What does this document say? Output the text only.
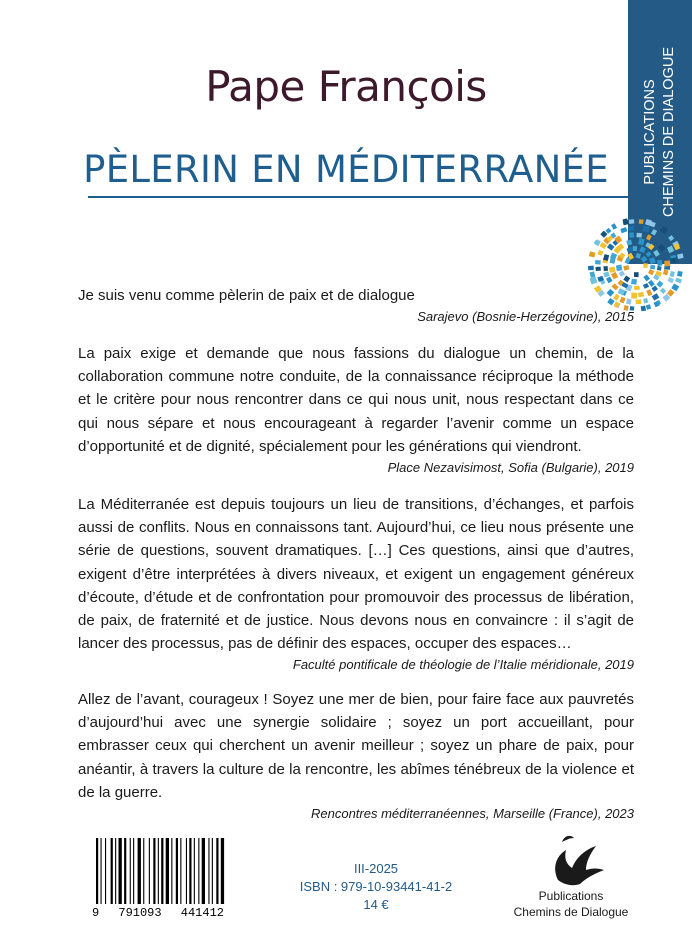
PUBLICATIONS CHEMINS DE DIALOGUE
Pape François
PÈLERIN EN MÉDITERRANÉE

Je suis venu comme pèlerin de paix et de dialogue

Sarajevo (Bosnie-Herzégovine), 2015

La paix exige et demande que nous fassions du dialogue un chemin, de la collaboration commune notre conduite, de la connaissance réciproque la méthode et le critère pour nous rencontrer dans ce qui nous unit, nous respectant dans ce qui nous sépare et nous encourageant à regarder l’avenir comme un espace d’opportunité et de dignité, spécialement pour les générations qui viendront.

Place Nezavisimost, Sofia (Bulgarie), 2019

La Méditerranée est depuis toujours un lieu de transitions, d’échanges, et parfois aussi de conflits. Nous en connaissons tant. Aujourd’hui, ce lieu nous présente une série de questions, souvent dramatiques. […] Ces questions, ainsi que d’autres, exigent d’être interprétées à divers niveaux, et exigent un engagement généreux d’écoute, d’étude et de confrontation pour promouvoir des processus de libération, de paix, de fraternité et de justice. Nous devons nous en convaincre : il s’agit de lancer des processus, pas de définir des espaces, occuper des espaces…

Faculté pontificale de théologie de l’Italie méridionale, 2019

Allez de l’avant, courageux ! Soyez une mer de bien, pour faire face aux pauvretés d’aujourd’hui avec une synergie solidaire ; soyez un port accueillant, pour embrasser ceux qui cherchent un avenir meilleur ; soyez un phare de paix, pour anéantir, à travers la culture de la rencontre, les abîmes ténébreux de la violence et de la guerre.

Rencontres méditerranéennes, Marseille (France), 2023

9 791093 441412
III-2025
ISBN : 979-10-93441-41-2
14 €
Publications
Chemins de Dialogue
